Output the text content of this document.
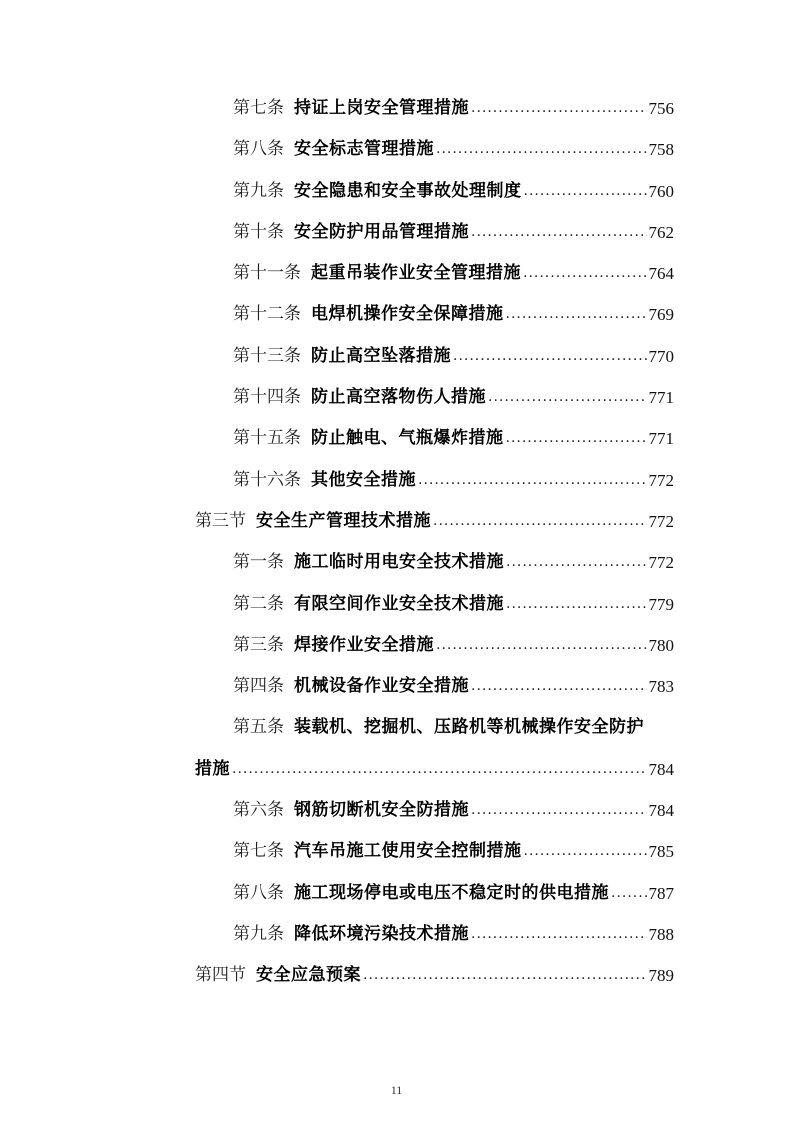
第七条 持证上岗安全管理措施 .....	756
第八条 安全标志管理措施 .....	758
第九条 安全隐患和安全事故处理制度 .....	760
第十条 安全防护用品管理措施 .....	762
第十一条 起重吊装作业安全管理措施 .....	764
第十二条 电焊机操作安全保障措施 .....	769
第十三条 防止高空坠落措施 .....	770
第十四条 防止高空落物伤人措施 .....	771
第十五条 防止触电、气瓶爆炸措施 .....	771
第十六条 其他安全措施 .....	772
第三节 安全生产管理技术措施 .....	772
第一条 施工临时用电安全技术措施 .....	772
第二条 有限空间作业安全技术措施 .....	779
第三条 焊接作业安全措施 .....	780
第四条 机械设备作业安全措施 .....	783
第五条 装载机、挖掘机、压路机等机械操作安全防护
措施 .....	784
第六条 钢筋切断机安全防措施 .....	784
第七条 汽车吊施工使用安全控制措施 .....	785
第八条 施工现场停电或电压不稳定时的供电措施 ..... 787
第九条 降低环境污染技术措施 .....	788
第四节 安全应急预案 .....	789
11
